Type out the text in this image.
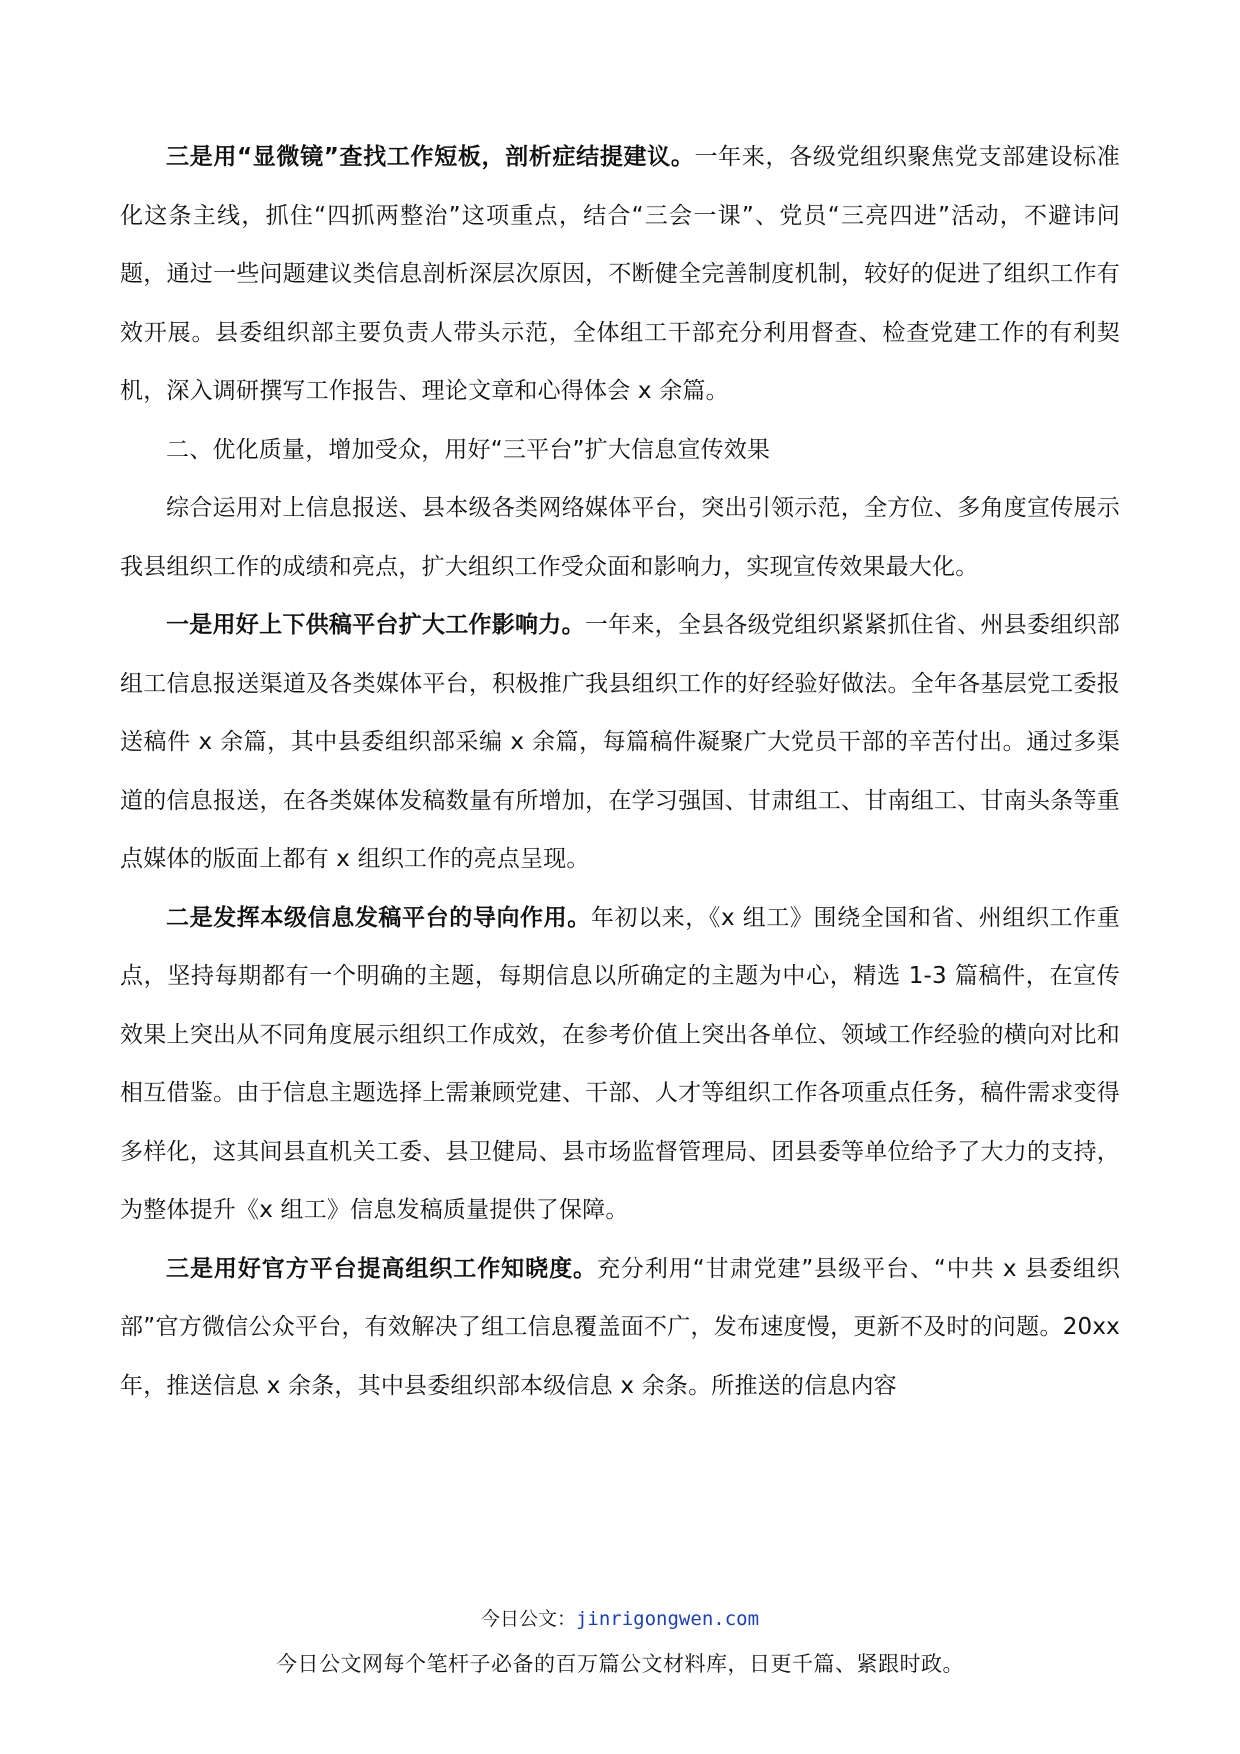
三是用“显微镜”查找工作短板，剖析症结提建议。一年来，各级党组织聚焦党支部建设标准化这条主线，抓住“四抓两整治”这项重点，结合“三会一课”、党员“三亮四进”活动，不避讳问题，通过一些问题建议类信息剖析深层次原因，不断健全完善制度机制，较好的促进了组织工作有效开展。县委组织部主要负责人带头示范，全体组工干部充分利用督查、检查党建工作的有利契机，深入调研撰写工作报告、理论文章和心得体会 x 余篇。

二、优化质量，增加受众，用好“三平台”扩大信息宣传效果

综合运用对上信息报送、县本级各类网络媒体平台，突出引领示范，全方位、多角度宣传展示我县组织工作的成绩和亮点，扩大组织工作受众面和影响力，实现宣传效果最大化。

一是用好上下供稿平台扩大工作影响力。一年来，全县各级党组织紧紧抓住省、州县委组织部组工信息报送渠道及各类媒体平台，积极推广我县组织工作的好经验好做法。全年各基层党工委报送稿件 x 余篇，其中县委组织部采编 x 余篇，每篇稿件凝聚广大党员干部的辛苦付出。通过多渠道的信息报送，在各类媒体发稿数量有所增加，在学习强国、甘肃组工、甘南组工、甘南头条等重点媒体的版面上都有 x 组织工作的亮点呈现。

二是发挥本级信息发稿平台的导向作用。年初以来，《x 组工》围绕全国和省、州组织工作重点，坚持每期都有一个明确的主题，每期信息以所确定的主题为中心，精选 1-3 篇稿件，在宣传效果上突出从不同角度展示组织工作成效，在参考价值上突出各单位、领域工作经验的横向对比和相互借鉴。由于信息主题选择上需兼顾党建、干部、人才等组织工作各项重点任务，稿件需求变得多样化，这其间县直机关工委、县卫健局、县市场监督管理局、团县委等单位给予了大力的支持，为整体提升《x 组工》信息发稿质量提供了保障。

三是用好官方平台提高组织工作知晓度。充分利用“甘肃党建”县级平台、“中共 x 县委组织部”官方微信公众平台，有效解决了组工信息覆盖面不广，发布速度慢，更新不及时的问题。20xx 年，推送信息 x 余条，其中县委组织部本级信息 x 余条。所推送的信息内容

今日公文：jinrigongwen.com
今日公文网每个笔杆子必备的百万篇公文材料库，日更千篇、紧跟时政。
